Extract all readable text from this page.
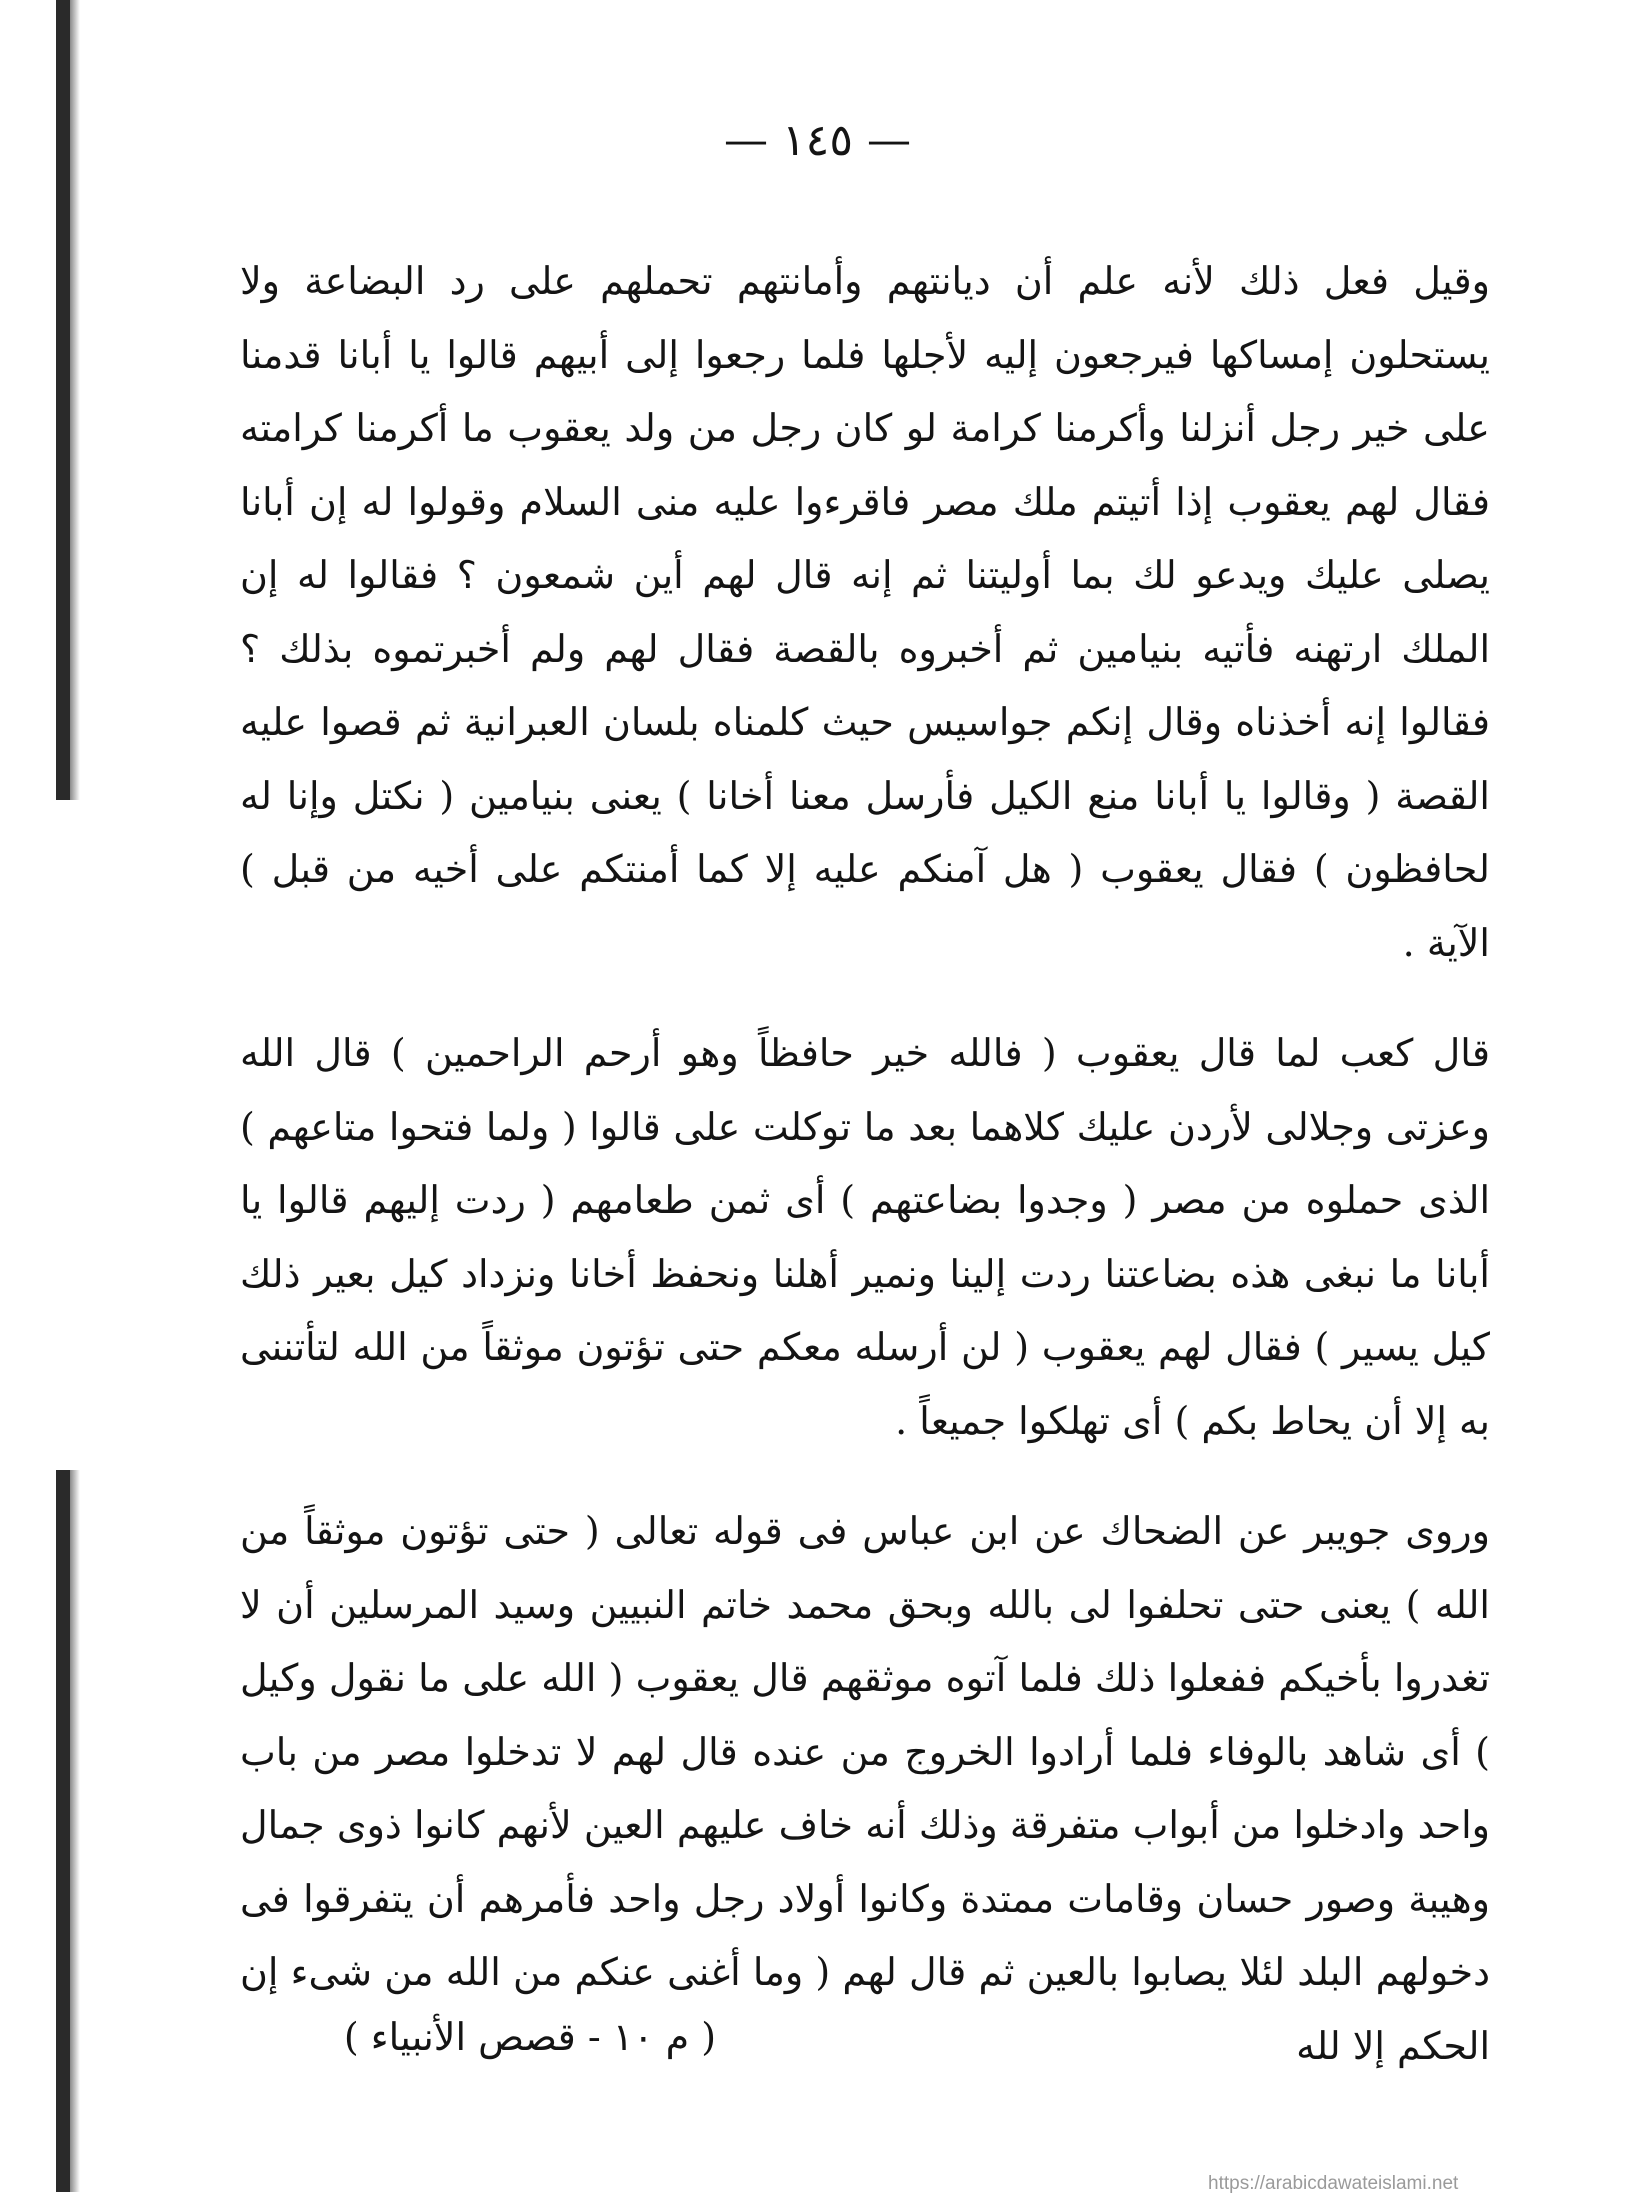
— ١٤٥ —

وقيل فعل ذلك لأنه علم أن ديانتهم وأمانتهم تحملهم على رد البضاعة ولا يستحلون إمساكها فيرجعون إليه لأجلها فلما رجعوا إلى أبيهم قالوا يا أبانا قدمنا على خير رجل أنزلنا وأكرمنا كرامة لو كان رجل من ولد يعقوب ما أكرمنا كرامته فقال لهم يعقوب إذا أتيتم ملك مصر فاقرءوا عليه منى السلام وقولوا له إن أبانا يصلى عليك ويدعو لك بما أوليتنا ثم إنه قال لهم أين شمعون ؟ فقالوا له إن الملك ارتهنه فأتيه بنيامين ثم أخبروه بالقصة فقال لهم ولم أخبرتموه بذلك ؟ فقالوا إنه أخذناه وقال إنكم جواسيس حيث كلمناه بلسان العبرانية ثم قصوا عليه القصة ( وقالوا يا أبانا منع الكيل فأرسل معنا أخانا ) يعنى بنيامين ( نكتل وإنا له لحافظون ) فقال يعقوب ( هل آمنكم عليه إلا كما أمنتكم على أخيه من قبل ) الآية .

قال كعب لما قال يعقوب ( فالله خير حافظاً وهو أرحم الراحمين ) قال الله وعزتى وجلالى لأردن عليك كلاهما بعد ما توكلت على قالوا ( ولما فتحوا متاعهم ) الذى حملوه من مصر ( وجدوا بضاعتهم ) أى ثمن طعامهم ( ردت إليهم قالوا يا أبانا ما نبغى هذه بضاعتنا ردت إلينا ونمير أهلنا ونحفظ أخانا ونزداد كيل بعير ذلك كيل يسير ) فقال لهم يعقوب ( لن أرسله معكم حتى تؤتون موثقاً من الله لتأتننى به إلا أن يحاط بكم ) أى تهلكوا جميعاً .

وروى جويبر عن الضحاك عن ابن عباس فى قوله تعالى ( حتى تؤتون موثقاً من الله ) يعنى حتى تحلفوا لى بالله وبحق محمد خاتم النبيين وسيد المرسلين أن لا تغدروا بأخيكم ففعلوا ذلك فلما آتوه موثقهم قال يعقوب ( الله على ما نقول وكيل ) أى شاهد بالوفاء فلما أرادوا الخروج من عنده قال لهم لا تدخلوا مصر من باب واحد وادخلوا من أبواب متفرقة وذلك أنه خاف عليهم العين لأنهم كانوا ذوى جمال وهيبة وصور حسان وقامات ممتدة وكانوا أولاد رجل واحد فأمرهم أن يتفرقوا فى دخولهم البلد لئلا يصابوا بالعين ثم قال لهم ( وما أغنى عنكم من الله من شىء إن الحكم إلا لله

( م ١٠ - قصص الأنبياء )
https://arabicdawateislami.net
